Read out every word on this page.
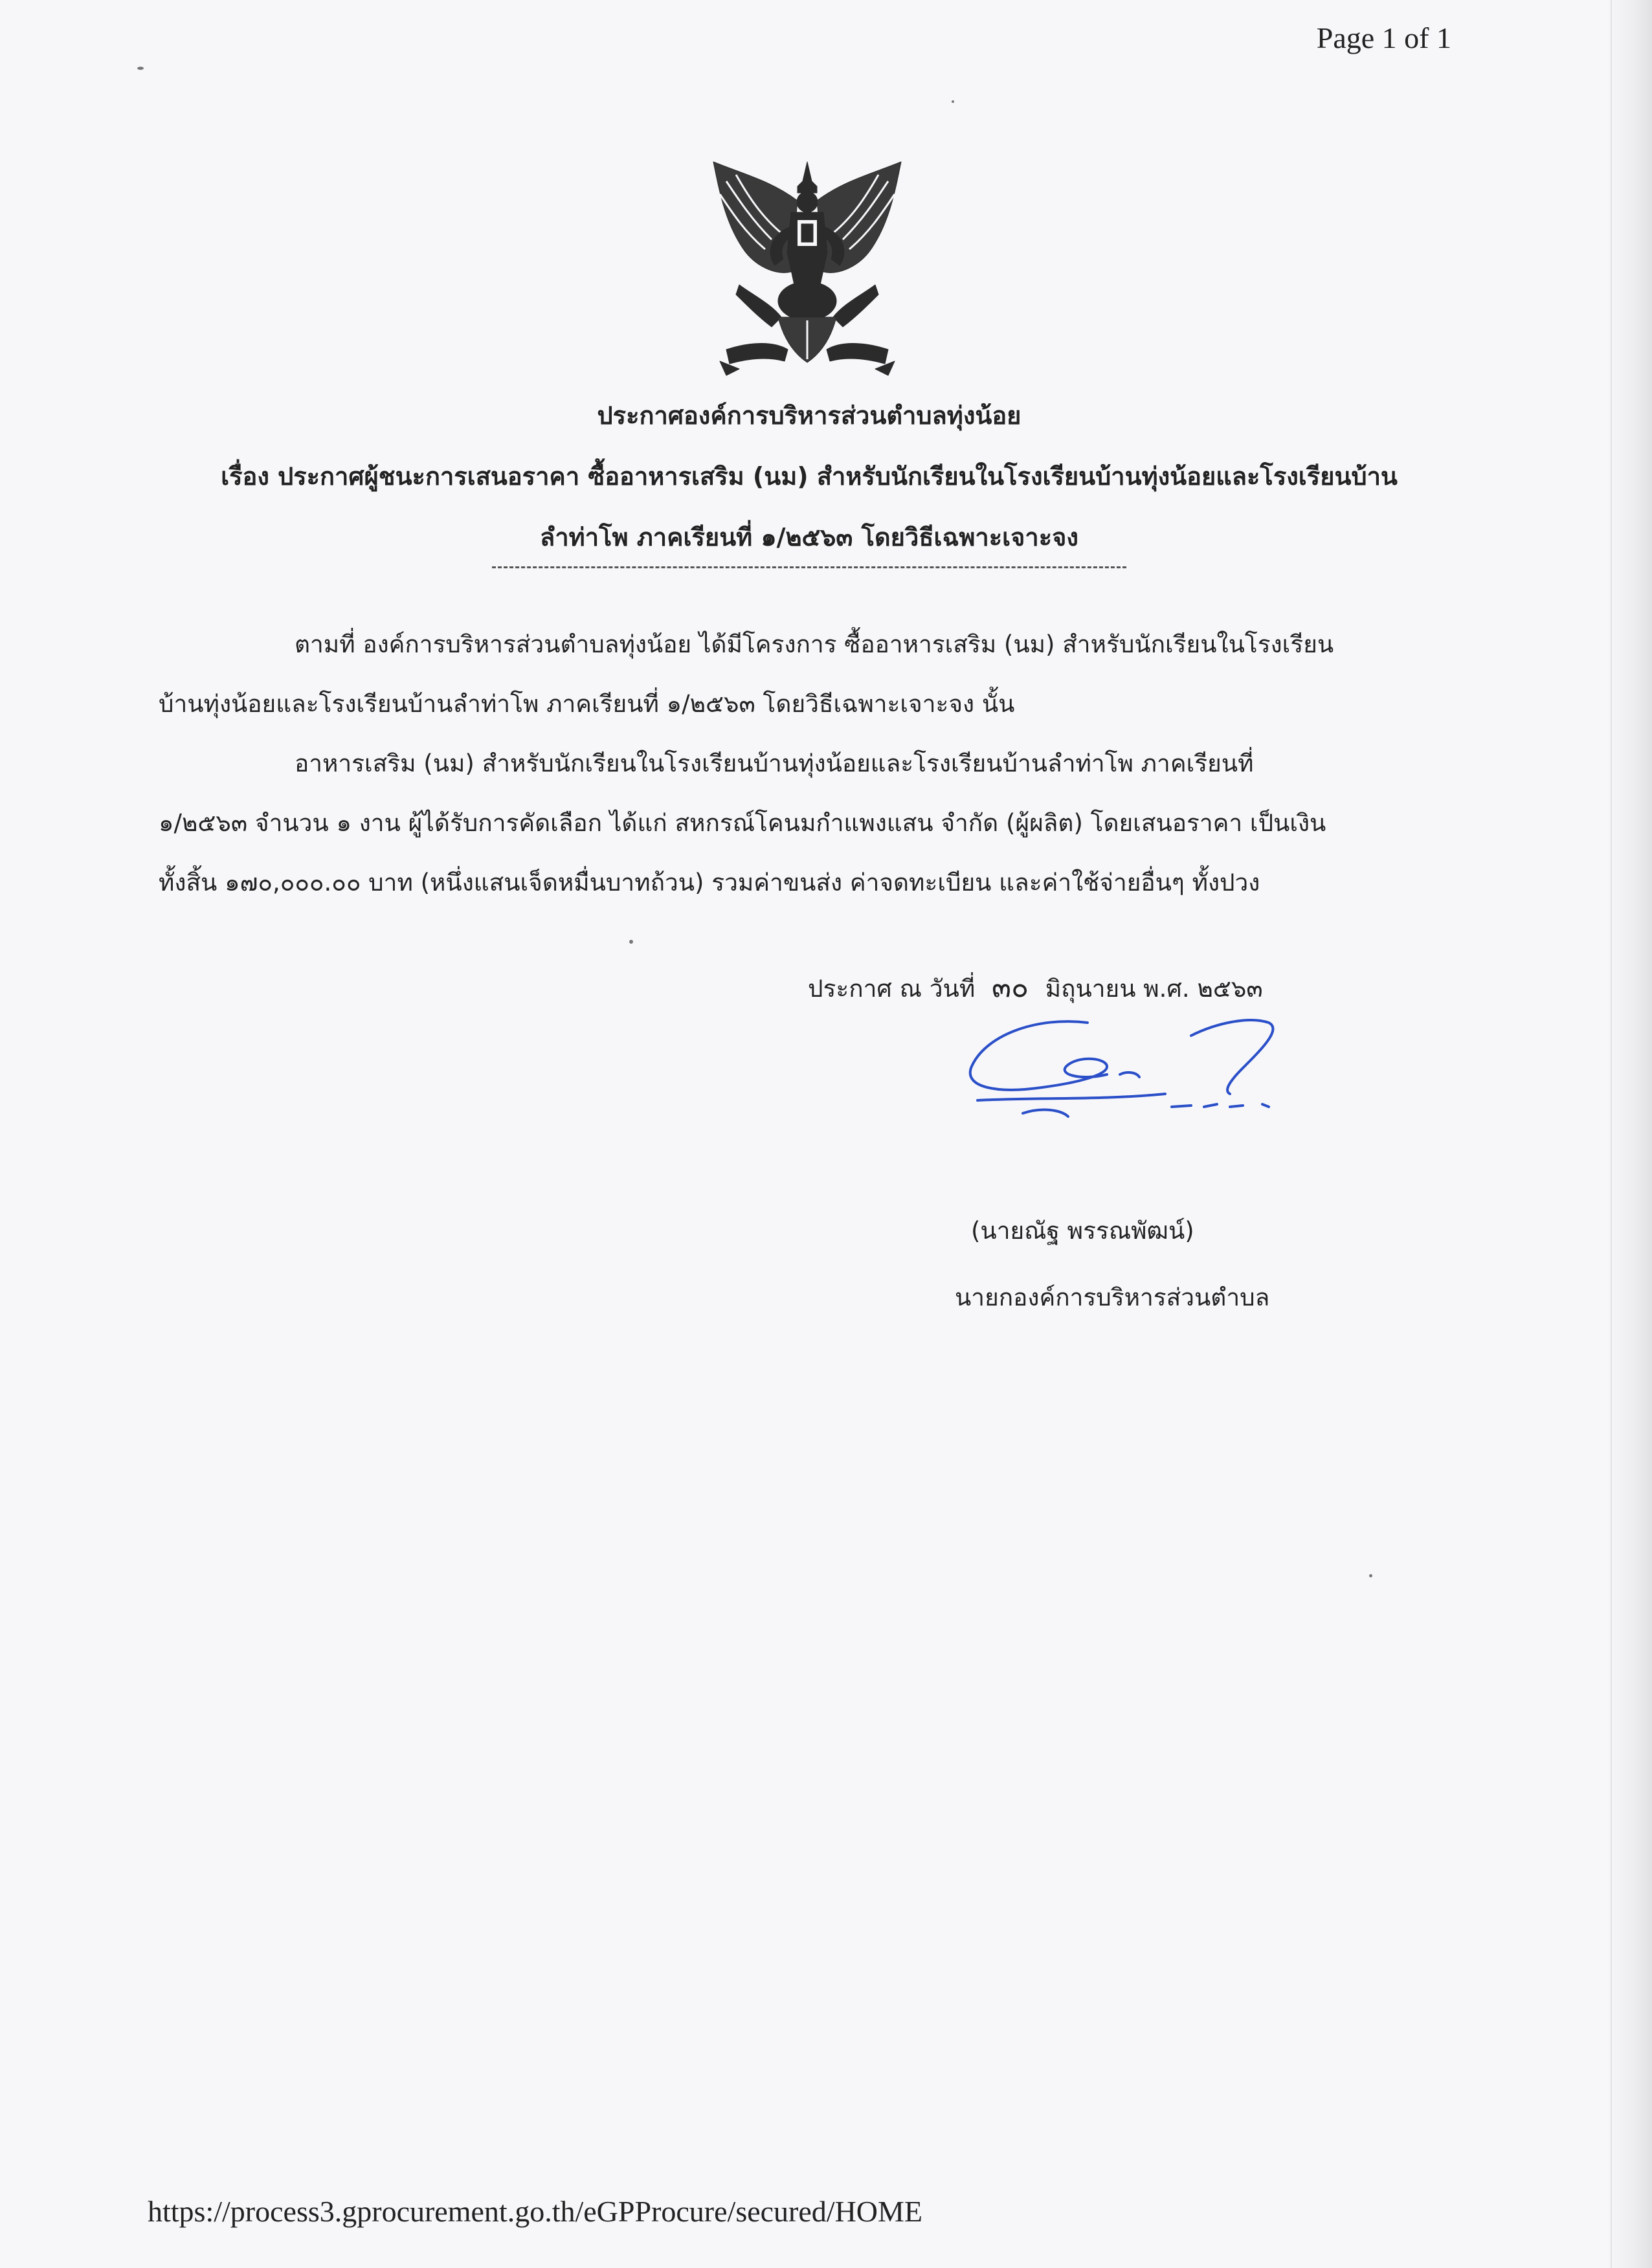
Page 1 of 1
ประกาศองค์การบริหารส่วนตำบลทุ่งน้อย
เรื่อง ประกาศผู้ชนะการเสนอราคา ซื้ออาหารเสริม (นม) สำหรับนักเรียนในโรงเรียนบ้านทุ่งน้อยและโรงเรียนบ้าน
ลำท่าโพ ภาคเรียนที่ ๑/๒๕๖๓ โดยวิธีเฉพาะเจาะจง
ตามที่ องค์การบริหารส่วนตำบลทุ่งน้อย ได้มีโครงการ ซื้ออาหารเสริม (นม) สำหรับนักเรียนในโรงเรียน
บ้านทุ่งน้อยและโรงเรียนบ้านลำท่าโพ ภาคเรียนที่ ๑/๒๕๖๓ โดยวิธีเฉพาะเจาะจง นั้น
อาหารเสริม (นม) สำหรับนักเรียนในโรงเรียนบ้านทุ่งน้อยและโรงเรียนบ้านลำท่าโพ ภาคเรียนที่
๑/๒๕๖๓ จำนวน ๑ งาน ผู้ได้รับการคัดเลือก ได้แก่ สหกรณ์โคนมกำแพงแสน จำกัด (ผู้ผลิต) โดยเสนอราคา เป็นเงิน
ทั้งสิ้น ๑๗๐,๐๐๐.๐๐ บาท (หนึ่งแสนเจ็ดหมื่นบาทถ้วน) รวมค่าขนส่ง ค่าจดทะเบียน และค่าใช้จ่ายอื่นๆ ทั้งปวง
ประกาศ ณ วันที่ ๓๐ มิถุนายน พ.ศ. ๒๕๖๓
(นายณัฐ พรรณพัฒน์)
นายกองค์การบริหารส่วนตำบล
https://process3.gprocurement.go.th/eGPProcure/secured/HOME
